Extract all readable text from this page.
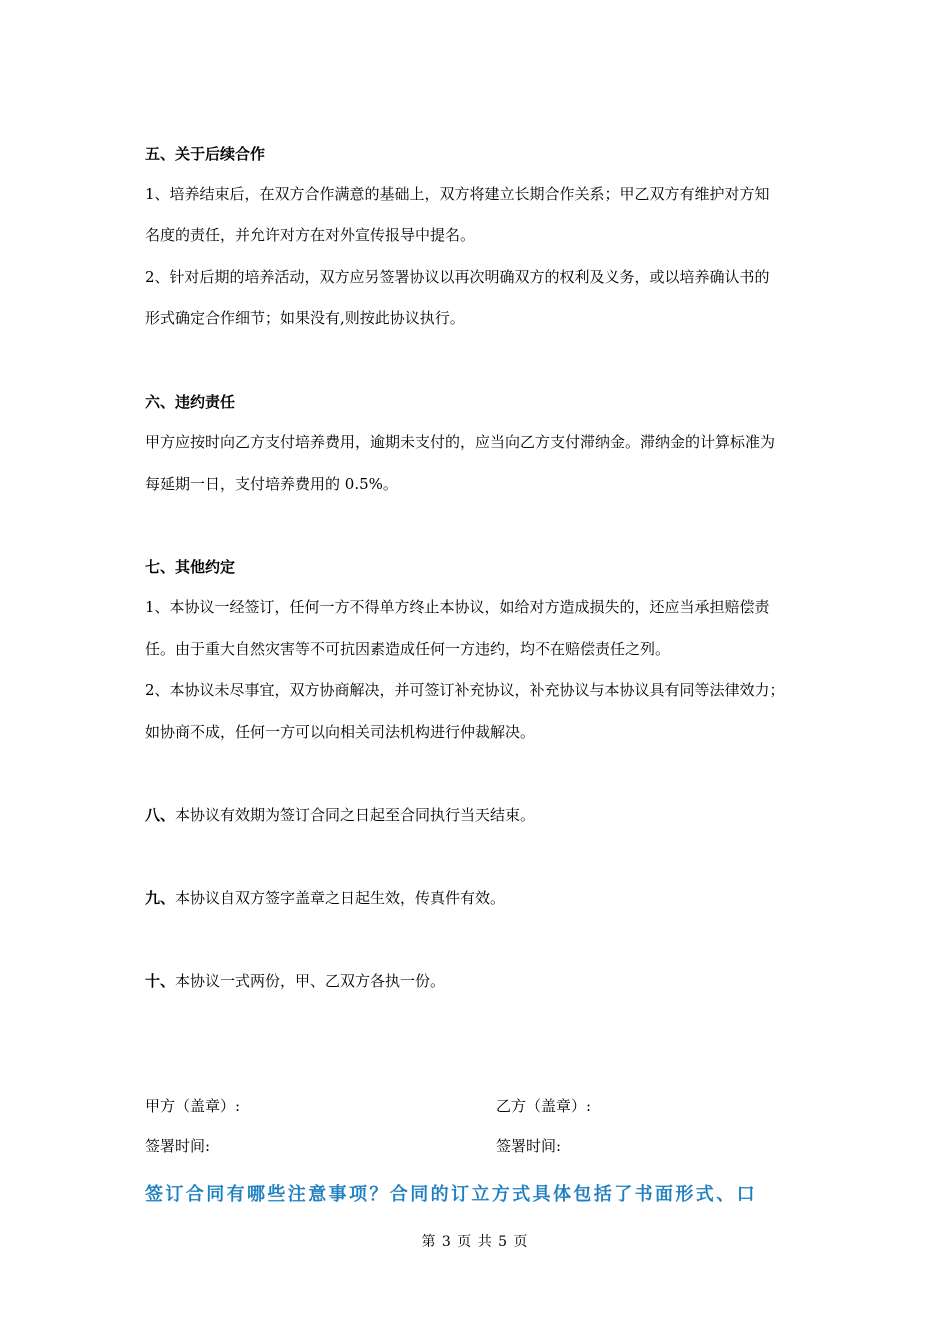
五、关于后续合作
1、培养结束后，在双方合作满意的基础上，双方将建立长期合作关系；甲乙双方有维护对方知
名度的责任，并允许对方在对外宣传报导中提名。
2、针对后期的培养活动，双方应另签署协议以再次明确双方的权利及义务，或以培养确认书的
形式确定合作细节；如果没有,则按此协议执行。
六、违约责任
甲方应按时向乙方支付培养费用，逾期未支付的，应当向乙方支付滞纳金。滞纳金的计算标准为
每延期一日，支付培养费用的 0.5%。
七、其他约定
1、本协议一经签订，任何一方不得单方终止本协议，如给对方造成损失的，还应当承担赔偿责
任。由于重大自然灾害等不可抗因素造成任何一方违约，均不在赔偿责任之列。
2、本协议未尽事宜，双方协商解决，并可签订补充协议，补充协议与本协议具有同等法律效力；
如协商不成，任何一方可以向相关司法机构进行仲裁解决。
八、本协议有效期为签订合同之日起至合同执行当天结束。
九、本协议自双方签字盖章之日起生效，传真件有效。
十、本协议一式两份，甲、乙双方各执一份。
甲方（盖章）:	乙方（盖章）:
签署时间:	签署时间:
签订合同有哪些注意事项？合同的订立方式具体包括了书面形式、口
第 3 页 共 5 页
